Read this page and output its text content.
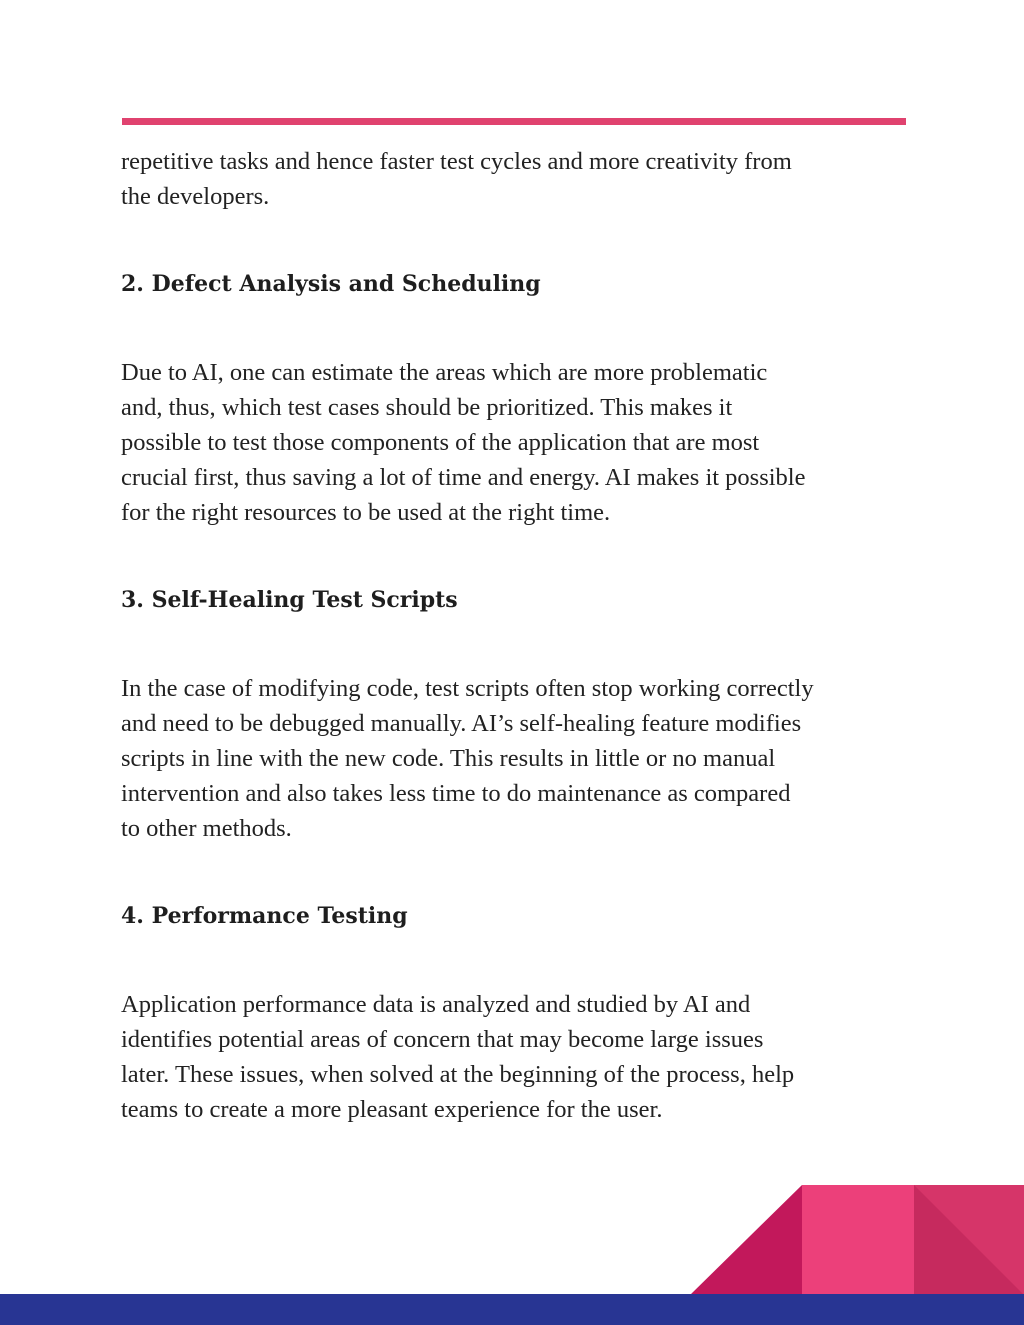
repetitive tasks and hence faster test cycles and more creativity from
the developers.

2. Defect Analysis and Scheduling

Due to AI, one can estimate the areas which are more problematic
and, thus, which test cases should be prioritized. This makes it
possible to test those components of the application that are most
crucial first, thus saving a lot of time and energy. AI makes it possible
for the right resources to be used at the right time.

3. Self-Healing Test Scripts

In the case of modifying code, test scripts often stop working correctly
and need to be debugged manually. AI’s self-healing feature modifies
scripts in line with the new code. This results in little or no manual
intervention and also takes less time to do maintenance as compared
to other methods.

4. Performance Testing

Application performance data is analyzed and studied by AI and
identifies potential areas of concern that may become large issues
later. These issues, when solved at the beginning of the process, help
teams to create a more pleasant experience for the user.
